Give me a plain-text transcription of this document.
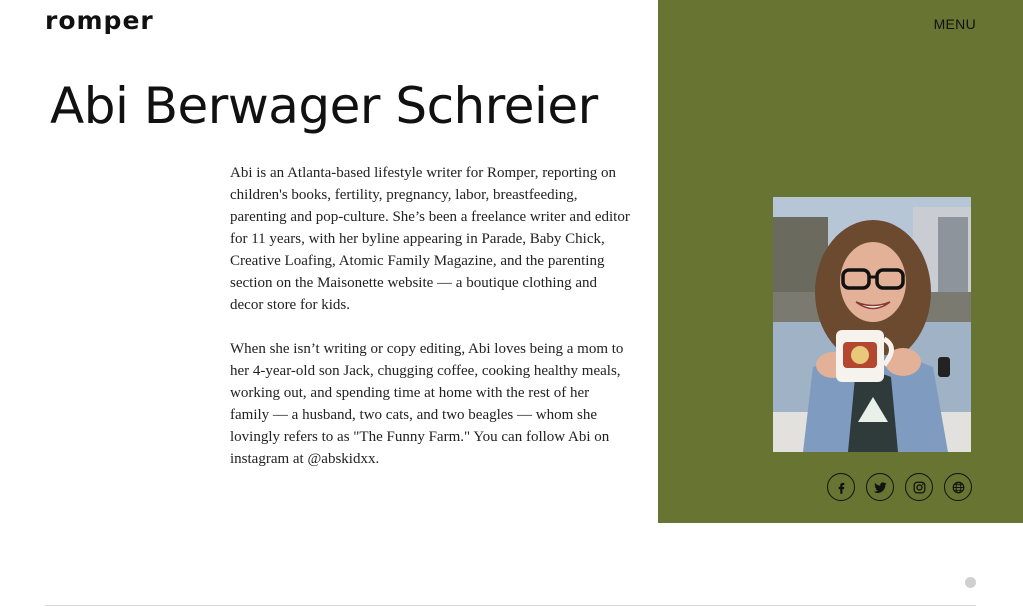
romper	MENU
Abi Berwager Schreier

Abi is an Atlanta-based lifestyle writer for Romper, reporting on children's books, fertility, pregnancy, labor, breastfeeding, parenting and pop-culture. She’s been a freelance writer and editor for 11 years, with her byline appearing in Parade, Baby Chick, Creative Loafing, Atomic Family Magazine, and the parenting section on the Maisonette website — a boutique clothing and decor store for kids.

When she isn’t writing or copy editing, Abi loves being a mom to her 4-year-old son Jack, chugging coffee, cooking healthy meals, working out, and spending time at home with the rest of her family — a husband, two cats, and two beagles — whom she lovingly refers to as "The Funny Farm." You can follow Abi on instagram at @abskidxx.
